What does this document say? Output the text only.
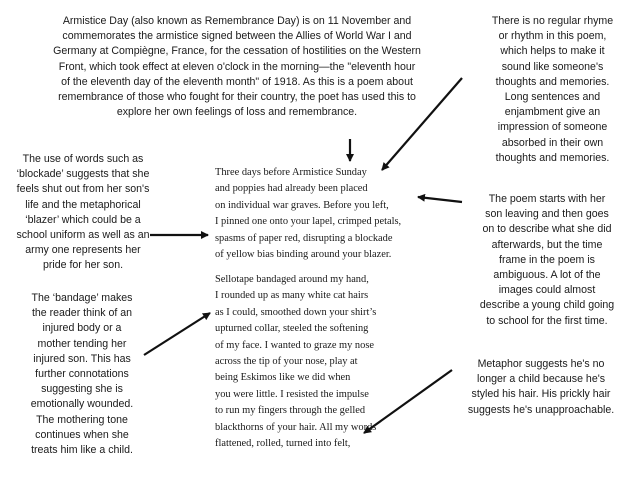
Armistice Day (also known as Remembrance Day) is on 11 November and
commemorates the armistice signed between the Allies of World War I and
Germany at Compiègne, France, for the cessation of hostilities on the Western
Front, which took effect at eleven o'clock in the morning—the "eleventh hour
of the eleventh day of the eleventh month" of 1918. As this is a poem about
remembrance of those who fought for their country, the poet has used this to
explore her own feelings of loss and remembrance.
There is no regular rhyme
or rhythm in this poem,
which helps to make it
sound like someone's
thoughts and memories.
Long sentences and
enjambment give an
impression of someone
absorbed in their own
thoughts and memories.
The use of words such as
‘blockade’ suggests that she
feels shut out from her son's
life and the metaphorical
‘blazer’ which could be a
school uniform as well as an
army one represents her
pride for her son.
The poem starts with her
son leaving and then goes
on to describe what she did
afterwards, but the time
frame in the poem is
ambiguous. A lot of the
images could almost
describe a young child going
to school for the first time.
The ‘bandage’ makes
the reader think of an
injured body or a
mother tending her
injured son. This has
further connotations
suggesting she is
emotionally wounded.
The mothering tone
continues when she
treats him like a child.
Metaphor suggests he's no
longer a child because he's
styled his hair. His prickly hair
suggests he's unapproachable.
Three days before Armistice Sunday
and poppies had already been placed
on individual war graves. Before you left,
I pinned one onto your lapel, crimped petals,
spasms of paper red, disrupting a blockade
of yellow bias binding around your blazer.
Sellotape bandaged around my hand,
I rounded up as many white cat hairs
as I could, smoothed down your shirt’s
upturned collar, steeled the softening
of my face. I wanted to graze my nose
across the tip of your nose, play at
being Eskimos like we did when
you were little. I resisted the impulse
to run my fingers through the gelled
blackthorns of your hair. All my words
flattened, rolled, turned into felt,
